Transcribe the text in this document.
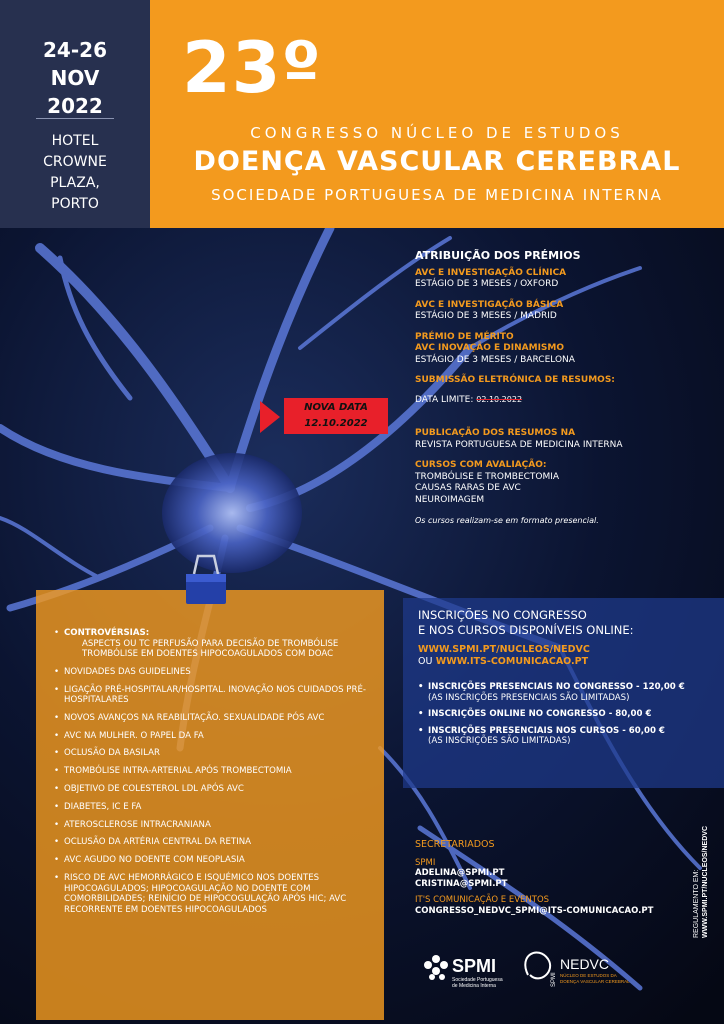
24-26
NOV
2022
HOTEL
CROWNE
PLAZA,
PORTO
23º
CONGRESSO NÚCLEO DE ESTUDOS
DOENÇA VASCULAR CEREBRAL
SOCIEDADE PORTUGUESA DE MEDICINA INTERNA
ATRIBUIÇÃO DOS PRÉMIOS
AVC E INVESTIGAÇÃO CLÍNICA
ESTÁGIO DE 3 MESES / OXFORD
AVC E INVESTIGAÇÃO BÁSICA
ESTÁGIO DE 3 MESES / MADRID
PRÉMIO DE MÉRITO
AVC INOVAÇÃO E DINAMISMO
ESTÁGIO DE 3 MESES / BARCELONA
SUBMISSÃO ELETRÓNICA DE RESUMOS:
DATA LIMITE: 02.10.2022
PUBLICAÇÃO DOS RESUMOS NA
REVISTA PORTUGUESA DE MEDICINA INTERNA
CURSOS COM AVALIAÇÃO:
TROMBÓLISE E TROMBECTOMIA
CAUSAS RARAS DE AVC
NEUROIMAGEM
Os cursos realizam-se em formato presencial.
NOVA DATA
12.10.2022
• CONTROVÉRSIAS:
ASPECTS OU TC PERFUSÃO PARA DECISÃO DE TROMBÓLISE
TROMBÓLISE EM DOENTES HIPOCOAGULADOS COM DOAC
• NOVIDADES DAS GUIDELINES
• LIGAÇÃO PRÉ-HOSPITALAR/HOSPITAL. INOVAÇÃO NOS CUIDADOS PRÉ-HOSPITALARES
• NOVOS AVANÇOS NA REABILITAÇÃO. SEXUALIDADE PÓS AVC
• AVC NA MULHER. O PAPEL DA FA
• OCLUSÃO DA BASILAR
• TROMBÓLISE INTRA-ARTERIAL APÓS TROMBECTOMIA
• OBJETIVO DE COLESTEROL LDL APÓS AVC
• DIABETES, IC E FA
• ATEROSCLEROSE INTRACRANIANA
• OCLUSÃO DA ARTÉRIA CENTRAL DA RETINA
• AVC AGUDO NO DOENTE COM NEOPLASIA
• RISCO DE AVC HEMORRÁGICO E ISQUÉMICO NOS DOENTES HIPOCOAGULADOS; HIPOCOAGULAÇÃO NO DOENTE COM COMORBILIDADES; REINÍCIO DE HIPOCOGULAÇÃO APÓS HIC; AVC RECORRENTE EM DOENTES HIPOCOAGULADOS
INSCRIÇÕES NO CONGRESSO
E NOS CURSOS DISPONÍVEIS ONLINE:
WWW.SPMI.PT/NUCLEOS/NEDVC
OU WWW.ITS-COMUNICACAO.PT
• INSCRIÇÕES PRESENCIAIS NO CONGRESSO - 120,00 €
(AS INSCRIÇÕES PRESENCIAIS SÃO LIMITADAS)
• INSCRIÇÕES ONLINE NO CONGRESSO - 80,00 €
• INSCRIÇÕES PRESENCIAIS NOS CURSOS - 60,00 €
(AS INSCRIÇÕES SÃO LIMITADAS)
SECRETARIADOS
SPMI
ADELINA@SPMI.PT
CRISTINA@SPMI.PT
IT'S COMUNICAÇÃO E EVENTOS
CONGRESSO_NEDVC_SPMI@ITS-COMUNICACAO.PT	REGULAMENTO EM: WWW.SPMI.PT/NUCLEOS/NEDVC
SPMI
Sociedade Portuguesa
de Medicina Interna	SPMI
NEDVC
NÚCLEO DE ESTUDOS DA
DOENÇA VASCULAR CEREBRAL
